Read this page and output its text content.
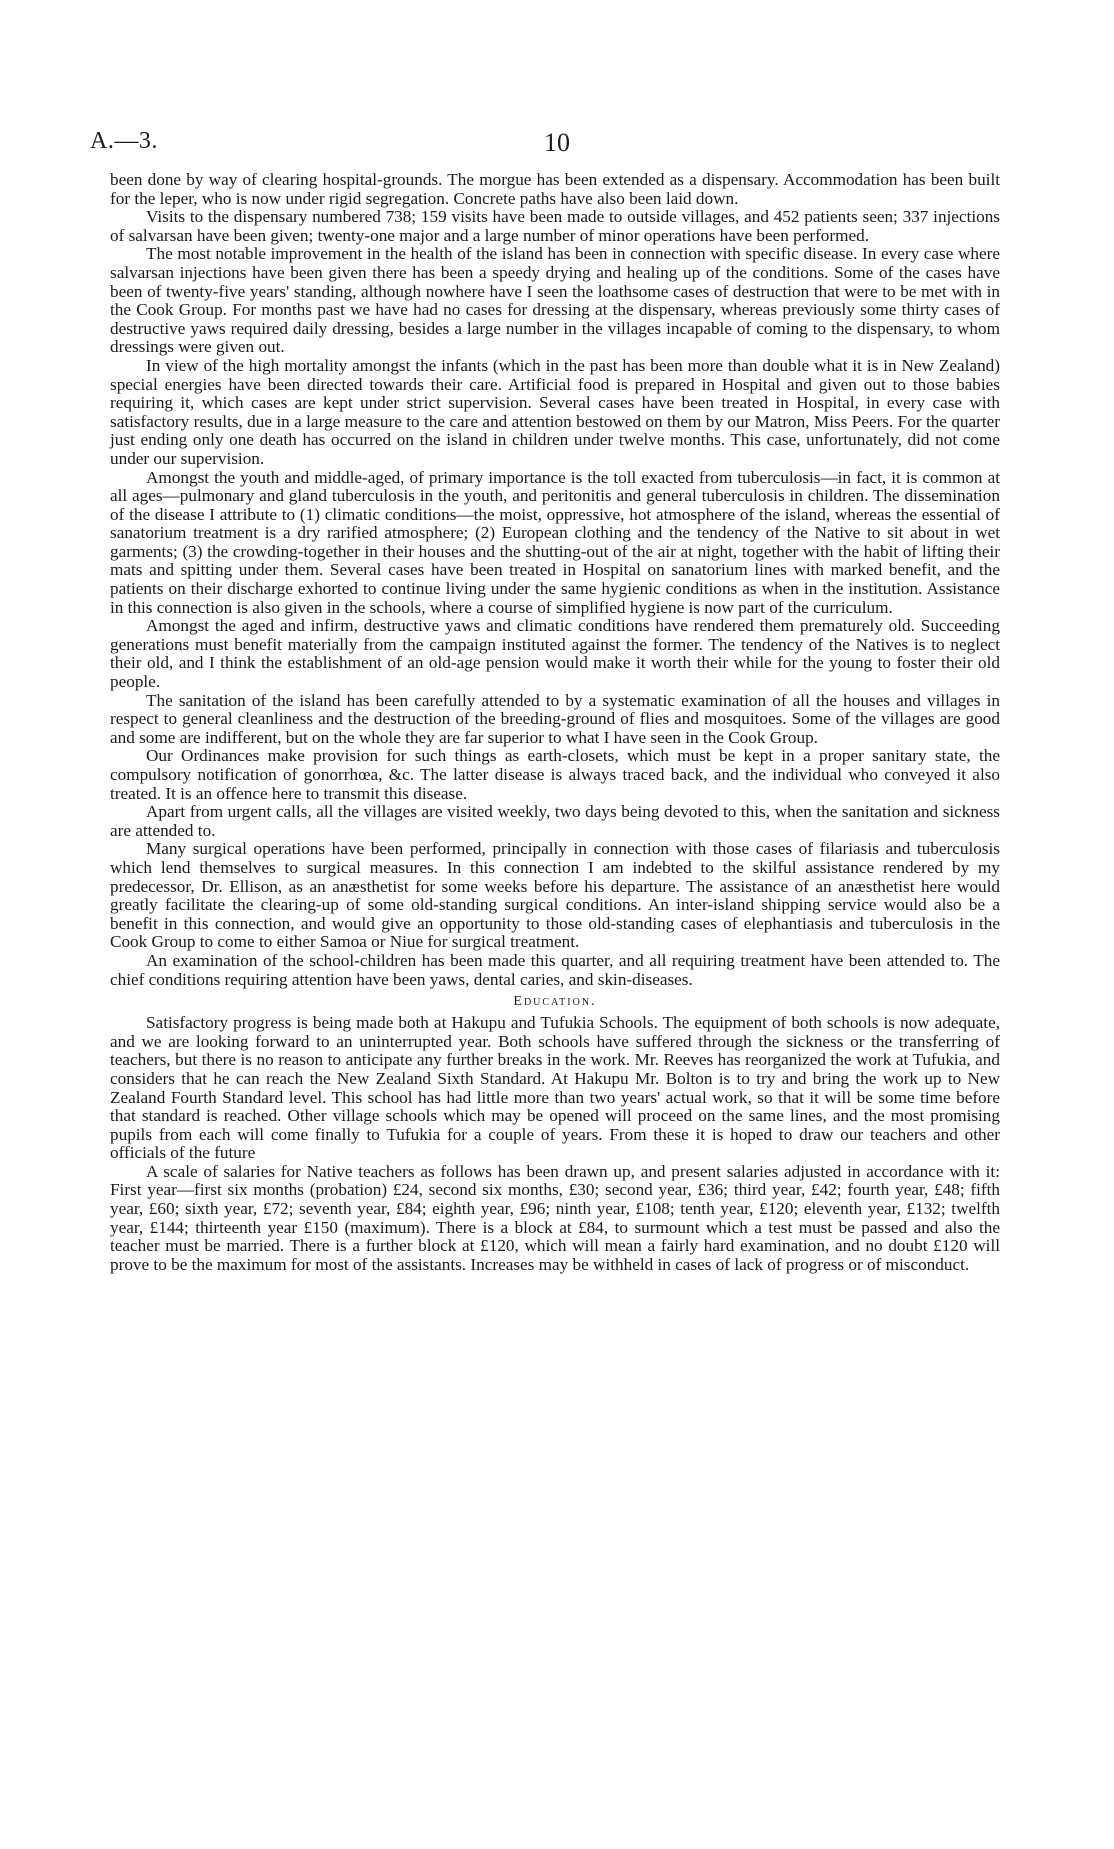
A.—3.	10

been done by way of clearing hospital-grounds. The morgue has been extended as a dispensary. Accommodation has been built for the leper, who is now under rigid segregation. Concrete paths have also been laid down.

Visits to the dispensary numbered 738; 159 visits have been made to outside villages, and 452 patients seen; 337 injections of salvarsan have been given; twenty-one major and a large number of minor operations have been performed.

The most notable improvement in the health of the island has been in connection with specific disease. In every case where salvarsan injections have been given there has been a speedy drying and healing up of the conditions. Some of the cases have been of twenty-five years' standing, although nowhere have I seen the loathsome cases of destruction that were to be met with in the Cook Group. For months past we have had no cases for dressing at the dispensary, whereas previously some thirty cases of destructive yaws required daily dressing, besides a large number in the villages incapable of coming to the dispensary, to whom dressings were given out.

In view of the high mortality amongst the infants (which in the past has been more than double what it is in New Zealand) special energies have been directed towards their care. Artificial food is prepared in Hospital and given out to those babies requiring it, which cases are kept under strict supervision. Several cases have been treated in Hospital, in every case with satisfactory results, due in a large measure to the care and attention bestowed on them by our Matron, Miss Peers. For the quarter just ending only one death has occurred on the island in children under twelve months. This case, unfortunately, did not come under our supervision.

Amongst the youth and middle-aged, of primary importance is the toll exacted from tuberculosis—in fact, it is common at all ages—pulmonary and gland tuberculosis in the youth, and peritonitis and general tuberculosis in children. The dissemination of the disease I attribute to (1) climatic conditions—the moist, oppressive, hot atmosphere of the island, whereas the essential of sanatorium treatment is a dry rarified atmosphere; (2) European clothing and the tendency of the Native to sit about in wet garments; (3) the crowding-together in their houses and the shutting-out of the air at night, together with the habit of lifting their mats and spitting under them. Several cases have been treated in Hospital on sanatorium lines with marked benefit, and the patients on their discharge exhorted to continue living under the same hygienic conditions as when in the institution. Assistance in this connection is also given in the schools, where a course of simplified hygiene is now part of the curriculum.

Amongst the aged and infirm, destructive yaws and climatic conditions have rendered them prematurely old. Succeeding generations must benefit materially from the campaign instituted against the former. The tendency of the Natives is to neglect their old, and I think the establishment of an old-age pension would make it worth their while for the young to foster their old people.

The sanitation of the island has been carefully attended to by a systematic examination of all the houses and villages in respect to general cleanliness and the destruction of the breeding-ground of flies and mosquitoes. Some of the villages are good and some are indifferent, but on the whole they are far superior to what I have seen in the Cook Group.

Our Ordinances make provision for such things as earth-closets, which must be kept in a proper sanitary state, the compulsory notification of gonorrhœa, &c. The latter disease is always traced back, and the individual who conveyed it also treated. It is an offence here to transmit this disease.

Apart from urgent calls, all the villages are visited weekly, two days being devoted to this, when the sanitation and sickness are attended to.

Many surgical operations have been performed, principally in connection with those cases of filariasis and tuberculosis which lend themselves to surgical measures. In this connection I am indebted to the skilful assistance rendered by my predecessor, Dr. Ellison, as an anæsthetist for some weeks before his departure. The assistance of an anæsthetist here would greatly facilitate the clearing-up of some old-standing surgical conditions. An inter-island shipping service would also be a benefit in this connection, and would give an opportunity to those old-standing cases of elephantiasis and tuberculosis in the Cook Group to come to either Samoa or Niue for surgical treatment.

An examination of the school-children has been made this quarter, and all requiring treatment have been attended to. The chief conditions requiring attention have been yaws, dental caries, and skin-diseases.

Education.

Satisfactory progress is being made both at Hakupu and Tufukia Schools. The equipment of both schools is now adequate, and we are looking forward to an uninterrupted year. Both schools have suffered through the sickness or the transferring of teachers, but there is no reason to anticipate any further breaks in the work. Mr. Reeves has reorganized the work at Tufukia, and considers that he can reach the New Zealand Sixth Standard. At Hakupu Mr. Bolton is to try and bring the work up to New Zealand Fourth Standard level. This school has had little more than two years' actual work, so that it will be some time before that standard is reached. Other village schools which may be opened will proceed on the same lines, and the most promising pupils from each will come finally to Tufukia for a couple of years. From these it is hoped to draw our teachers and other officials of the future

A scale of salaries for Native teachers as follows has been drawn up, and present salaries adjusted in accordance with it: First year—first six months (probation) £24, second six months, £30; second year, £36; third year, £42; fourth year, £48; fifth year, £60; sixth year, £72; seventh year, £84; eighth year, £96; ninth year, £108; tenth year, £120; eleventh year, £132; twelfth year, £144; thirteenth year £150 (maximum). There is a block at £84, to surmount which a test must be passed and also the teacher must be married. There is a further block at £120, which will mean a fairly hard examination, and no doubt £120 will prove to be the maximum for most of the assistants. Increases may be withheld in cases of lack of progress or of misconduct.
